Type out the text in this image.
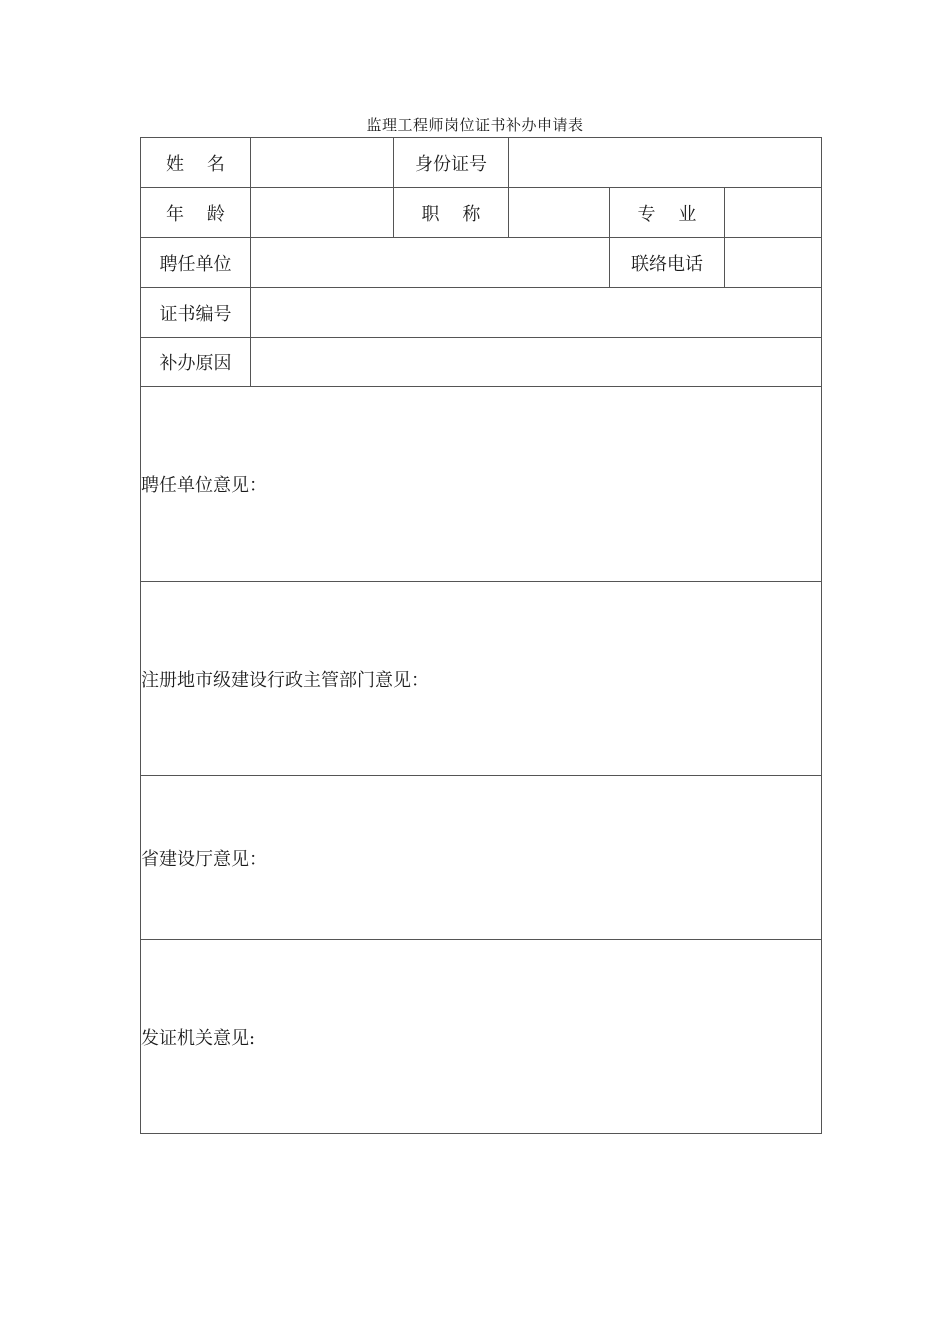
监理工程师岗位证书补办申请表
姓    名		身份证号			
年    龄		职    称		专    业	
聘任单位				联络电话	
证书编号					
补办原因					
聘任单位意见：					
注册地市级建设行政主管部门意见：					
省建设厅意见：					
发证机关意见:					
